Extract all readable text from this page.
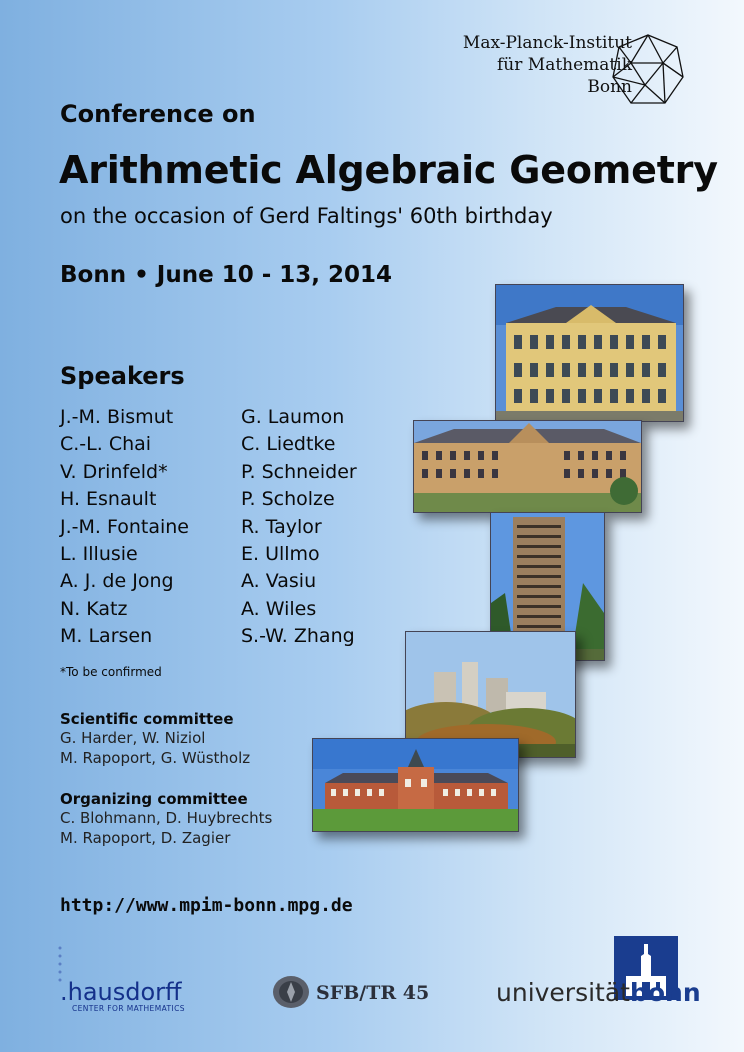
Max-Planck-Institut
für Mathematik
Bonn
Conference on
Arithmetic Algebraic Geometry
on the occasion of Gerd Faltings' 60th birthday
Bonn • June 10 - 13, 2014
Speakers
J.-M. Bismut
C.-L. Chai
V. Drinfeld*
H. Esnault
J.-M. Fontaine
L. Illusie
A. J. de Jong
N. Katz
M. Larsen
G. Laumon
C. Liedtke
P. Schneider
P. Scholze
R. Taylor
E. Ullmo
A. Vasiu
A. Wiles
S.-W. Zhang
*To be confirmed
Scientific committee
G. Harder, W. Niziol
M. Rapoport, G. Wüstholz
Organizing committee
C. Blohmann, D. Huybrechts
M. Rapoport, D. Zagier
http://www.mpim-bonn.mpg.de
.hausdorff
CENTER FOR MATHEMATICS
SFB/TR 45	universitätbonn
